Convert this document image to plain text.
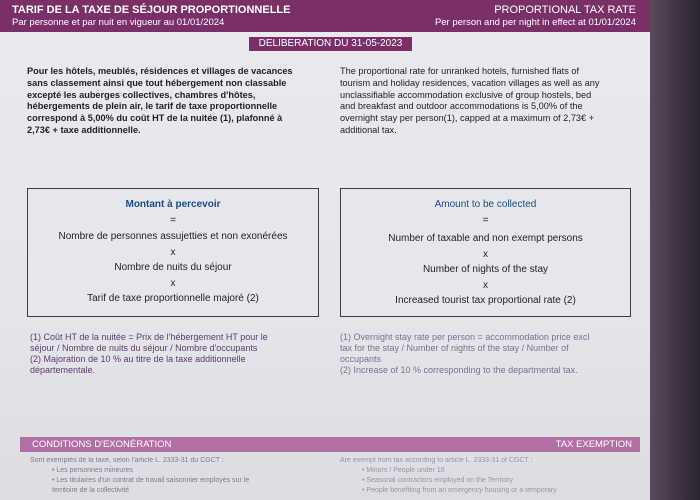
TARIF DE LA TAXE DE SÉJOUR PROPORTIONNELLE
Par personne et par nuit en vigueur au 01/01/2024
PROPORTIONAL TAX RATE
Per person and per night in effect at 01/01/2024
DELIBERATION DU 31-05-2023
Pour les hôtels, meublés, résidences et villages de vacances
sans classement ainsi que tout hébergement non classable
excepté les auberges collectives, chambres d'hôtes,
hébergements de plein air, le tarif de taxe proportionnelle
correspond à 5,00% du coût HT de la nuitée (1), plafonné à
2,73€ + taxe additionnelle.
The proportional rate for unranked hotels, furnished flats of
tourism and holiday residences, vacation villages as well as any
unclassifiable accommodation exclusive of group hostels, bed
and breakfast and outdoor accommodations is 5,00% of the
overnight stay per person(1), capped at a maximum of 2,73€ +
additional tax.
Montant à percevoir
=
Nombre de personnes assujetties et non exonérées
x
Nombre de nuits du séjour
x
Tarif de taxe proportionnelle majoré (2)
Amount to be collected
=
Number of taxable and non exempt persons
x
Number of nights of the stay
x
Increased tourist tax proportional rate (2)
(1) Coût HT de la nuitée = Prix de l'hébergement HT pour le
séjour / Nombre de nuits du séjour / Nombre d'occupants
(2) Majoration de 10 % au titre de la taxe additionnelle
départementale.
(1) Overnight stay rate per person = accommodation price excl
tax for the stay / Number of nights of the stay / Number of
occupants
(2) Increase of 10 % corresponding to the departmental tax.
CONDITIONS D'EXONÉRATION	TAX EXEMPTION
Sont exemptés de la taxe, selon l'article L. 2333-31 du CGCT :
• Les personnes mineures
• Les titulaires d'un contrat de travail saisonnier employés sur le
territoire de la collectivité
Are exempt from tax according to article L. 2333-31 of CGCT :
• Minors / People under 18
• Seasonal contractors employed on the Territory
• People benefiting from an emergency housing or a temporary
